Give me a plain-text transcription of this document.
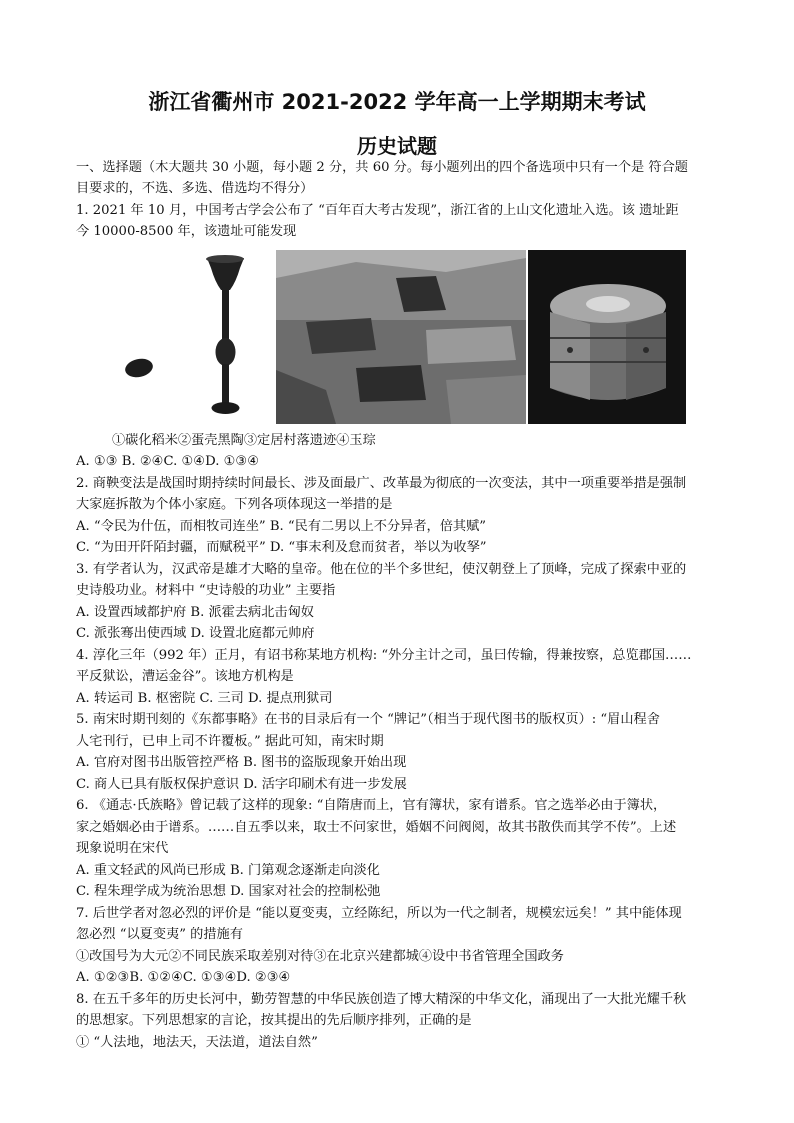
浙江省衢州市 2021-2022 学年高一上学期期末考试
历史试题
一、选择题（木大题共 30 小题，每小题 2 分，共 60 分。每小题列出的四个备选项中只有一个是 符合题
目要求的，不选、多选、借选均不得分）
1. 2021 年 10 月，中国考古学会公布了 “百年百大考古发现”，浙江省的上山文化遗址入选。该 遗址距
今 10000-8500 年，该遗址可能发现
①碳化稻米②蛋壳黑陶③定居村落遗迹④玉琮
A. ①③ B. ②④C. ①④D. ①③④
2. 商鞅变法是战国时期持续时间最长、涉及面最广、改革最为彻底的一次变法，其中一项重要举措是强制
大家庭拆散为个体小家庭。下列各项体现这一举措的是
A. “令民为什伍，而相牧司连坐” B. “民有二男以上不分异者，倍其赋”
C. “为田开阡陌封疆，而赋税平” D. “事末利及怠而贫者，举以为收孥”
3. 有学者认为，汉武帝是雄才大略的皇帝。他在位的半个多世纪，使汉朝登上了顶峰，完成了探索中亚的
史诗般功业。材料中 “史诗般的功业” 主要指
A. 设置西域都护府 B. 派霍去病北击匈奴
C. 派张骞出使西域 D. 设置北庭都元帅府
4. 淳化三年（992 年）正月，有诏书称某地方机构: “外分主计之司，虽曰传输，得兼按察，总览郡国……
平反狱讼，漕运金谷”。该地方机构是
A. 转运司 B. 枢密院 C. 三司 D. 提点刑狱司
5. 南宋时期刊刻的《东都事略》在书的目录后有一个 “牌记”（相当于现代图书的版权页）: “眉山程舍
人宅刊行，已申上司不许覆板。” 据此可知，南宋时期
A. 官府对图书出版管控严格 B. 图书的盗版现象开始出现
C. 商人已具有版权保护意识 D. 活字印刷术有进一步发展
6. 《通志·氏族略》曾记载了这样的现象: “自隋唐而上，官有簿状，家有谱系。官之选举必由于簿状，
家之婚姻必由于谱系。……自五季以来，取士不问家世，婚姻不问阀阅，故其书散佚而其学不传”。上述
现象说明在宋代
A. 重文轻武的风尚已形成 B. 门第观念逐渐走向淡化
C. 程朱理学成为统治思想 D. 国家对社会的控制松弛
7. 后世学者对忽必烈的评价是 “能以夏变夷，立经陈纪，所以为一代之制者，规模宏远矣！” 其中能体现
忽必烈 “以夏变夷” 的措施有
①改国号为大元②不同民族采取差别对待③在北京兴建都城④设中书省管理全国政务
A. ①②③B. ①②④C. ①③④D. ②③④
8. 在五千多年的历史长河中，勤劳智慧的中华民族创造了博大精深的中华文化，涌现出了一大批光耀千秋
的思想家。下列思想家的言论，按其提出的先后顺序排列，正确的是
① “人法地，地法天，天法道，道法自然”
